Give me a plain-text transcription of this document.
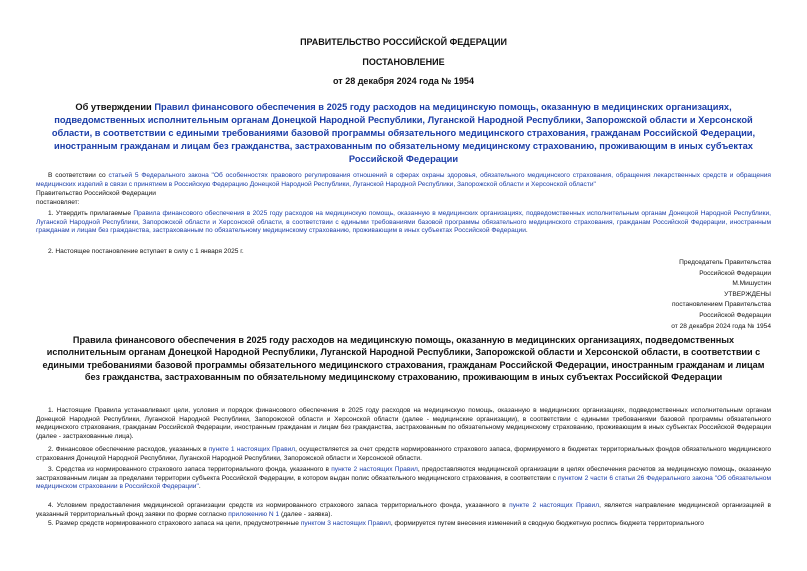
ПРАВИТЕЛЬСТВО РОССИЙСКОЙ ФЕДЕРАЦИИ
ПОСТАНОВЛЕНИЕ
от 28 декабря 2024 года № 1954
Об утверждении Правил финансового обеспечения в 2025 году расходов на медицинскую помощь, оказанную в медицинских организациях, подведомственных исполнительным органам Донецкой Народной Республики, Луганской Народной Республики, Запорожской области и Херсонской области, в соответствии с едиными требованиями базовой программы обязательного медицинского страхования, гражданам Российской Федерации, иностранным гражданам и лицам без гражданства, застрахованным по обязательному медицинскому страхованию, проживающим в иных субъектах Российской Федерации
В соответствии со статьей 5 Федерального закона "Об особенностях правового регулирования отношений в сферах охраны здоровья, обязательного медицинского страхования, обращения лекарственных средств и обращения медицинских изделий в связи с принятием в Российскую Федерацию Донецкой Народной Республики, Луганской Народной Республики, Запорожской области и Херсонской области"
Правительство Российской Федерации
постановляет:
1. Утвердить прилагаемые Правила финансового обеспечения в 2025 году расходов на медицинскую помощь, оказанную в медицинских организациях, подведомственных исполнительным органам Донецкой Народной Республики, Луганской Народной Республики, Запорожской области и Херсонской области, в соответствии с едиными требованиями базовой программы обязательного медицинского страхования, гражданам Российской Федерации, иностранным гражданам и лицам без гражданства, застрахованным по обязательному медицинскому страхованию, проживающим в иных субъектах Российской Федерации.
2. Настоящее постановление вступает в силу с 1 января 2025 г.
Председатель Правительства
Российской Федерации
М.Мишустин
УТВЕРЖДЕНЫ
постановлением Правительства
Российской Федерации
от 28 декабря 2024 года № 1954
Правила финансового обеспечения в 2025 году расходов на медицинскую помощь, оказанную в медицинских организациях, подведомственных исполнительным органам Донецкой Народной Республики, Луганской Народной Республики, Запорожской области и Херсонской области, в соответствии с едиными требованиями базовой программы обязательного медицинского страхования, гражданам Российской Федерации, иностранным гражданам и лицам без гражданства, застрахованным по обязательному медицинскому страхованию, проживающим в иных субъектах Российской Федерации
1. Настоящие Правила устанавливают цели, условия и порядок финансового обеспечения в 2025 году расходов на медицинскую помощь, оказанную в медицинских организациях, подведомственных исполнительным органам Донецкой Народной Республики, Луганской Народной Республики, Запорожской области и Херсонской области (далее - медицинские организации), в соответствии с едиными требованиями базовой программы обязательного медицинского страхования, гражданам Российской Федерации, иностранным гражданам и лицам без гражданства, застрахованным по обязательному медицинскому страхованию, проживающим в иных субъектах Российской Федерации (далее - застрахованные лица).
2. Финансовое обеспечение расходов, указанных в пункте 1 настоящих Правил, осуществляется за счет средств нормированного страхового запаса, формируемого в бюджетах территориальных фондов обязательного медицинского страхования Донецкой Народной Республики, Луганской Народной Республики, Запорожской области и Херсонской области.
3. Средства из нормированного страхового запаса территориального фонда, указанного в пункте 2 настоящих Правил, предоставляются медицинской организации в целях обеспечения расчетов за медицинскую помощь, оказанную застрахованным лицам за пределами территории субъекта Российской Федерации, в котором выдан полис обязательного медицинского страхования, в соответствии с пунктом 2 части 6 статьи 26 Федерального закона "Об обязательном медицинском страховании в Российской Федерации".
4. Условием предоставления медицинской организации средств из нормированного страхового запаса территориального фонда, указанного в пункте 2 настоящих Правил, является направление медицинской организацией в указанный территориальный фонд заявки по форме согласно приложению N 1 (далее - заявка).
5. Размер средств нормированного страхового запаса на цели, предусмотренные пунктом 3 настоящих Правил, формируется путем внесения изменений в сводную бюджетную роспись бюджета территориального
